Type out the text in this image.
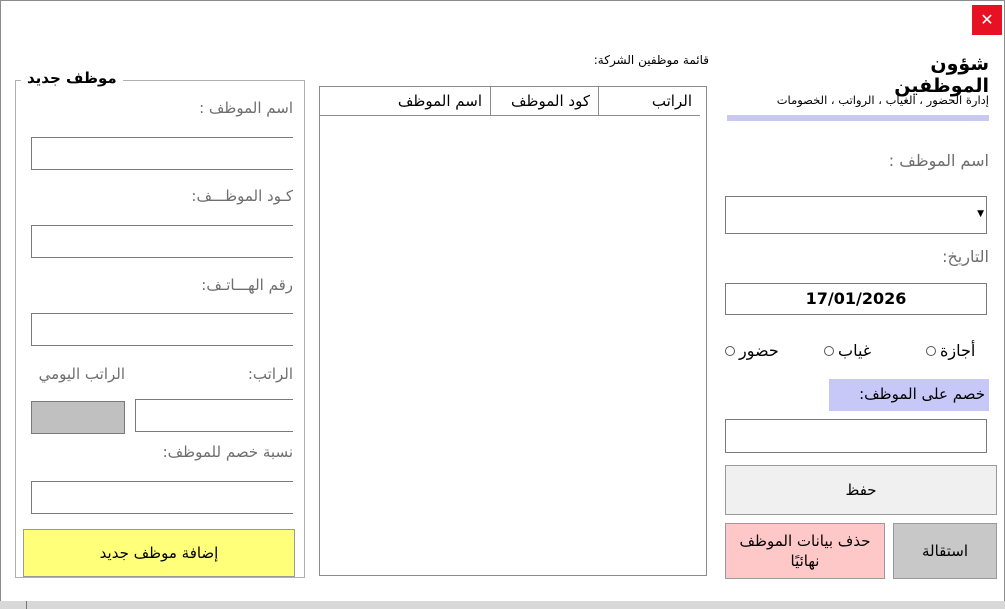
✕
شؤون الموظفين
إدارة الحضور ، الغياب ، الرواتب ، الخصومات
اسم الموظف :
▼
التاريخ:
17/01/2026
أجازة
غياب
حضور
خصم على الموظف:
حفظ
حذف بيانات الموظف نهائيًا
استقالة
قائمة موظفين الشركة:
الراتب
كود الموظف
اسم الموظف
موظف جديد
اسم الموظف :
كـود الموظـــف:
رقم الهـــاتـف:
الراتب:
الراتب اليومي
نسبة خصم للموظف:
إضافة موظف جديد
